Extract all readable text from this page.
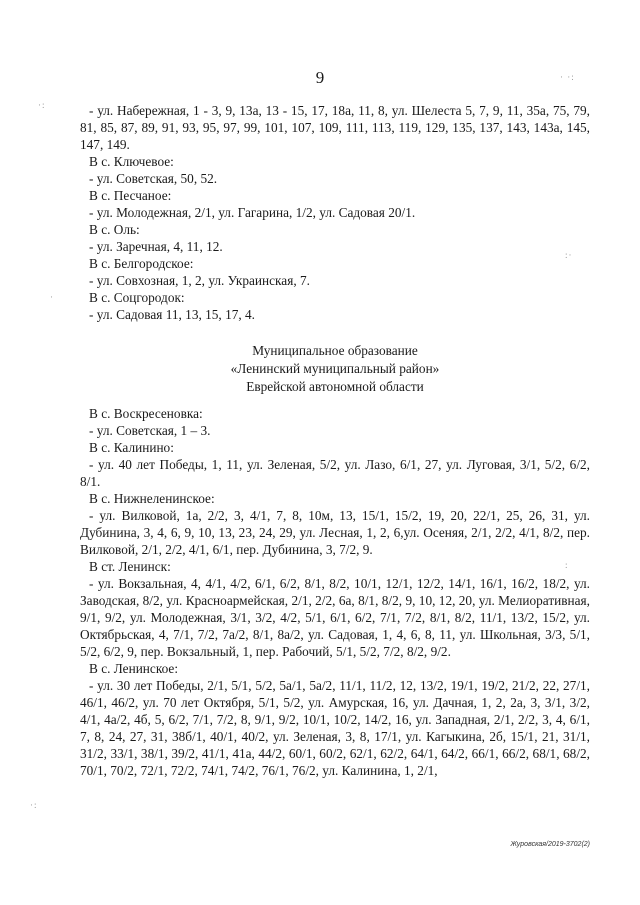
9

- ул. Набережная, 1 - 3, 9, 13а, 13 - 15, 17, 18а, 11, 8, ул. Шелеста 5, 7, 9, 11, 35а, 75, 79, 81, 85, 87, 89, 91, 93, 95, 97, 99, 101, 107, 109, 111, 113, 119, 129, 135, 137, 143, 143а, 145, 147, 149.

В с. Ключевое:

- ул. Советская, 50, 52.

В с. Песчаное:

- ул. Молодежная, 2/1, ул. Гагарина, 1/2, ул. Садовая 20/1.

В с. Оль:

- ул. Заречная, 4, 11, 12.

В с. Белгородское:

- ул. Совхозная, 1, 2, ул. Украинская, 7.

В с. Соцгородок:

- ул. Садовая 11, 13, 15, 17, 4.

Муниципальное образование
«Ленинский муниципальный район»
Еврейской автономной области

В с. Воскресеновка:

- ул. Советская, 1 – 3.

В с. Калинино:

- ул. 40 лет Победы, 1, 11, ул. Зеленая, 5/2, ул. Лазо, 6/1, 27, ул. Луговая, 3/1, 5/2, 6/2, 8/1.

В с. Нижнеленинское:

- ул. Вилковой, 1а, 2/2, 3, 4/1, 7, 8, 10м, 13, 15/1, 15/2, 19, 20, 22/1, 25, 26, 31, ул. Дубинина, 3, 4, 6, 9, 10, 13, 23, 24, 29, ул. Лесная, 1, 2, 6,ул. Осеняя, 2/1, 2/2, 4/1, 8/2, пер. Вилковой, 2/1, 2/2, 4/1, 6/1, пер. Дубинина, 3, 7/2, 9.

В ст. Ленинск:

- ул. Вокзальная, 4, 4/1, 4/2, 6/1, 6/2, 8/1, 8/2, 10/1, 12/1, 12/2, 14/1, 16/1, 16/2, 18/2, ул. Заводская, 8/2, ул. Красноармейская, 2/1, 2/2, 6а, 8/1, 8/2, 9, 10, 12, 20, ул. Мелиоративная, 9/1, 9/2, ул. Молодежная, 3/1, 3/2, 4/2, 5/1, 6/1, 6/2, 7/1, 7/2, 8/1, 8/2, 11/1, 13/2, 15/2, ул. Октябрьская, 4, 7/1, 7/2, 7а/2, 8/1, 8а/2, ул. Садовая, 1, 4, 6, 8, 11, ул. Школьная, 3/3, 5/1, 5/2, 6/2, 9, пер. Вокзальный, 1, пер. Рабочий, 5/1, 5/2, 7/2, 8/2, 9/2.

В с. Ленинское:

- ул. 30 лет Победы, 2/1, 5/1, 5/2, 5а/1, 5а/2, 11/1, 11/2, 12, 13/2, 19/1, 19/2, 21/2, 22, 27/1, 46/1, 46/2, ул. 70 лет Октября, 5/1, 5/2, ул. Амурская, 16, ул. Дачная, 1, 2, 2а, 3, 3/1, 3/2, 4/1, 4а/2, 4б, 5, 6/2, 7/1, 7/2, 8, 9/1, 9/2, 10/1, 10/2, 14/2, 16, ул. Западная, 2/1, 2/2, 3, 4, 6/1, 7, 8, 24, 27, 31, 38б/1, 40/1, 40/2, ул. Зеленая, 3, 8, 17/1, ул. Кагыкина, 2б, 15/1, 21, 31/1, 31/2, 33/1, 38/1, 39/2, 41/1, 41а, 44/2, 60/1, 60/2, 62/1, 62/2, 64/1, 64/2, 66/1, 66/2, 68/1, 68/2, 70/1, 70/2, 72/1, 72/2, 74/1, 74/2, 76/1, 76/2, ул. Калинина, 1, 2/1,

Журовская/2019-3702(2)
· ·:
·:
:·
·
:
·:
